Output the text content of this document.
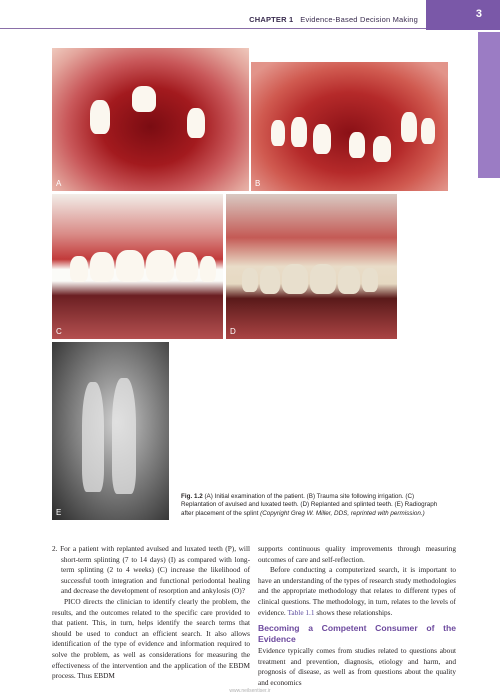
CHAPTER 1 Evidence-Based Decision Making	3
A	B
C	D
E
Fig. 1.2 (A) Initial examination of the patient. (B) Trauma site following irrigation. (C) Replantation of avulsed and luxated teeth. (D) Replanted and splinted teeth. (E) Radiograph after placement of the splint (Copyright Greg W. Miller, DDS, reprinted with permission.)

2. For a patient with replanted avulsed and luxated teeth (P), will short-term splinting (7 to 14 days) (I) as compared with long-term splinting (2 to 4 weeks) (C) increase the likelihood of successful tooth integration and functional periodontal healing and decrease the development of resorption and ankylosis (O)?

PICO directs the clinician to identify clearly the problem, the results, and the outcomes related to the specific care provided to that patient. This, in turn, helps identify the search terms that should be used to conduct an efficient search. It also allows identification of the type of evidence and information required to solve the problem, as well as considerations for measuring the effectiveness of the intervention and the application of the EBDM process. Thus EBDM

supports continuous quality improvements through measuring outcomes of care and self-reflection.

Before conducting a computerized search, it is important to have an understanding of the types of research study methodologies and the appropriate methodology that relates to different types of clinical questions. The methodology, in turn, relates to the levels of evidence. Table 1.1 shows these relationships.

Becoming a Competent Consumer of the Evidence

Evidence typically comes from studies related to questions about treatment and prevention, diagnosis, etiology and harm, and prognosis of disease, as well as from questions about the quality and economics

www.neilsentiser.ir
